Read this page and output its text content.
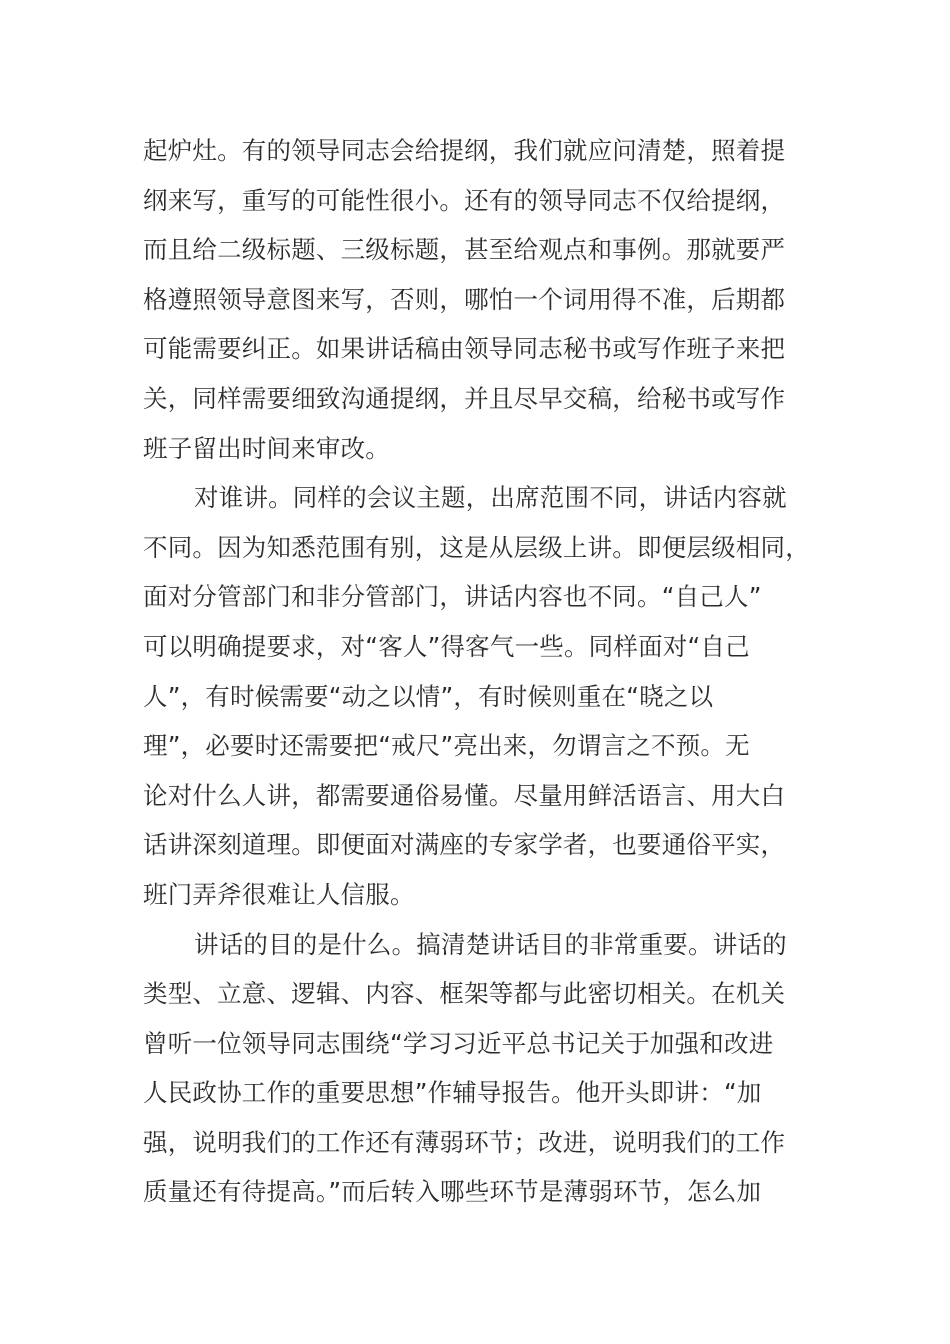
起炉灶。有的领导同志会给提纲，我们就应问清楚，照着提
纲来写，重写的可能性很小。还有的领导同志不仅给提纲，
而且给二级标题、三级标题，甚至给观点和事例。那就要严
格遵照领导意图来写，否则，哪怕一个词用得不准，后期都
可能需要纠正。如果讲话稿由领导同志秘书或写作班子来把
关，同样需要细致沟通提纲，并且尽早交稿，给秘书或写作
班子留出时间来审改。
对谁讲。同样的会议主题，出席范围不同，讲话内容就
不同。因为知悉范围有别，这是从层级上讲。即便层级相同，
面对分管部门和非分管部门，讲话内容也不同。“自己人”
可以明确提要求，对“客人”得客气一些。同样面对“自己
人”，有时候需要“动之以情”，有时候则重在“晓之以
理”，必要时还需要把“戒尺”亮出来，勿谓言之不预。无
论对什么人讲，都需要通俗易懂。尽量用鲜活语言、用大白
话讲深刻道理。即便面对满座的专家学者，也要通俗平实，
班门弄斧很难让人信服。
讲话的目的是什么。搞清楚讲话目的非常重要。讲话的
类型、立意、逻辑、内容、框架等都与此密切相关。在机关
曾听一位领导同志围绕“学习习近平总书记关于加强和改进
人民政协工作的重要思想”作辅导报告。他开头即讲：“加
强，说明我们的工作还有薄弱环节；改进，说明我们的工作
质量还有待提高。”而后转入哪些环节是薄弱环节，怎么加
